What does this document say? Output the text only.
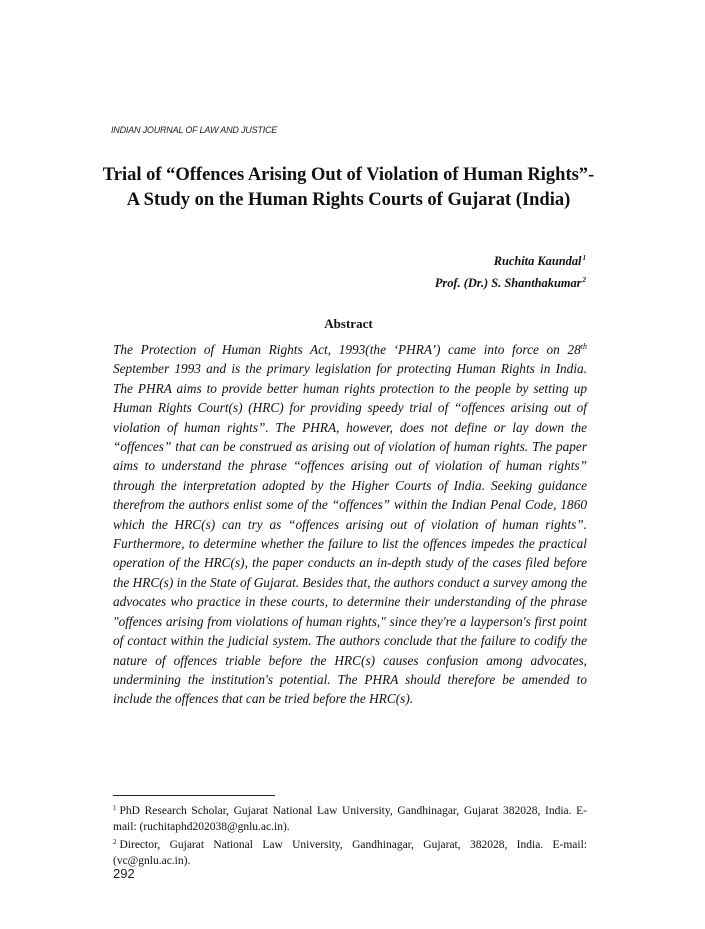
INDIAN JOURNAL OF LAW AND JUSTICE
Trial of “Offences Arising Out of Violation of Human Rights”- A Study on the Human Rights Courts of Gujarat (India)
Ruchita Kaundal$^1$
Prof. (Dr.) S. Shanthakumar$^2$
Abstract

The Protection of Human Rights Act, 1993(the ‘PHRA’) came into force on 28th September 1993 and is the primary legislation for protecting Human Rights in India. The PHRA aims to provide better human rights protection to the people by setting up Human Rights Court(s) (HRC) for providing speedy trial of “offences arising out of violation of human rights”. The PHRA, however, does not define or lay down the “offences” that can be construed as arising out of violation of human rights. The paper aims to understand the phrase “offences arising out of violation of human rights” through the interpretation adopted by the Higher Courts of India. Seeking guidance therefrom the authors enlist some of the “offences” within the Indian Penal Code, 1860 which the HRC(s) can try as “offences arising out of violation of human rights”. Furthermore, to determine whether the failure to list the offences impedes the practical operation of the HRC(s), the paper conducts an in-depth study of the cases filed before the HRC(s) in the State of Gujarat. Besides that, the authors conduct a survey among the advocates who practice in these courts, to determine their understanding of the phrase "offences arising from violations of human rights," since they're a layperson's first point of contact within the judicial system. The authors conclude that the failure to codify the nature of offences triable before the HRC(s) causes confusion among advocates, undermining the institution's potential. The PHRA should therefore be amended to include the offences that can be tried before the HRC(s).

$^1$ PhD Research Scholar, Gujarat National Law University, Gandhinagar, Gujarat 382028, India. E-mail: (ruchitaphd202038@gnlu.ac.in).

$^2$ Director, Gujarat National Law University, Gandhinagar, Gujarat, 382028, India. E-mail: (vc@gnlu.ac.in).

292
